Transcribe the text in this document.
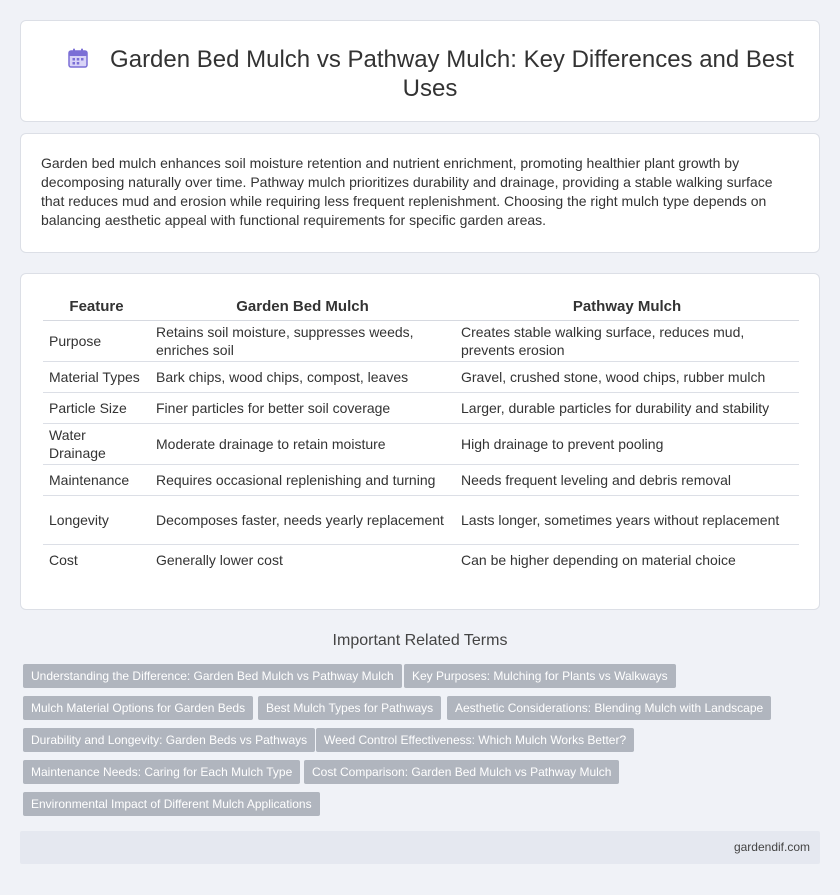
Garden Bed Mulch vs Pathway Mulch: Key Differences and Best Uses

Garden bed mulch enhances soil moisture retention and nutrient enrichment, promoting healthier plant growth by decomposing naturally over time. Pathway mulch prioritizes durability and drainage, providing a stable walking surface that reduces mud and erosion while requiring less frequent replenishment. Choosing the right mulch type depends on balancing aesthetic appeal with functional requirements for specific garden areas.

Feature	Garden Bed Mulch	Pathway Mulch
Purpose	Retains soil moisture, suppresses weeds, enriches soil	Creates stable walking surface, reduces mud, prevents erosion
Material Types	Bark chips, wood chips, compost, leaves	Gravel, crushed stone, wood chips, rubber mulch
Particle Size	Finer particles for better soil coverage	Larger, durable particles for durability and stability
Water Drainage	Moderate drainage to retain moisture	High drainage to prevent pooling
Maintenance	Requires occasional replenishing and turning	Needs frequent leveling and debris removal
Longevity	Decomposes faster, needs yearly replacement	Lasts longer, sometimes years without replacement
Cost	Generally lower cost	Can be higher depending on material choice
Important Related Terms
Understanding the Difference: Garden Bed Mulch vs Pathway Mulch	Key Purposes: Mulching for Plants vs Walkways
Mulch Material Options for Garden Beds	Best Mulch Types for Pathways	Aesthetic Considerations: Blending Mulch with Landscape
Durability and Longevity: Garden Beds vs Pathways	Weed Control Effectiveness: Which Mulch Works Better?
Maintenance Needs: Caring for Each Mulch Type	Cost Comparison: Garden Bed Mulch vs Pathway Mulch
Environmental Impact of Different Mulch Applications
gardendif.com
